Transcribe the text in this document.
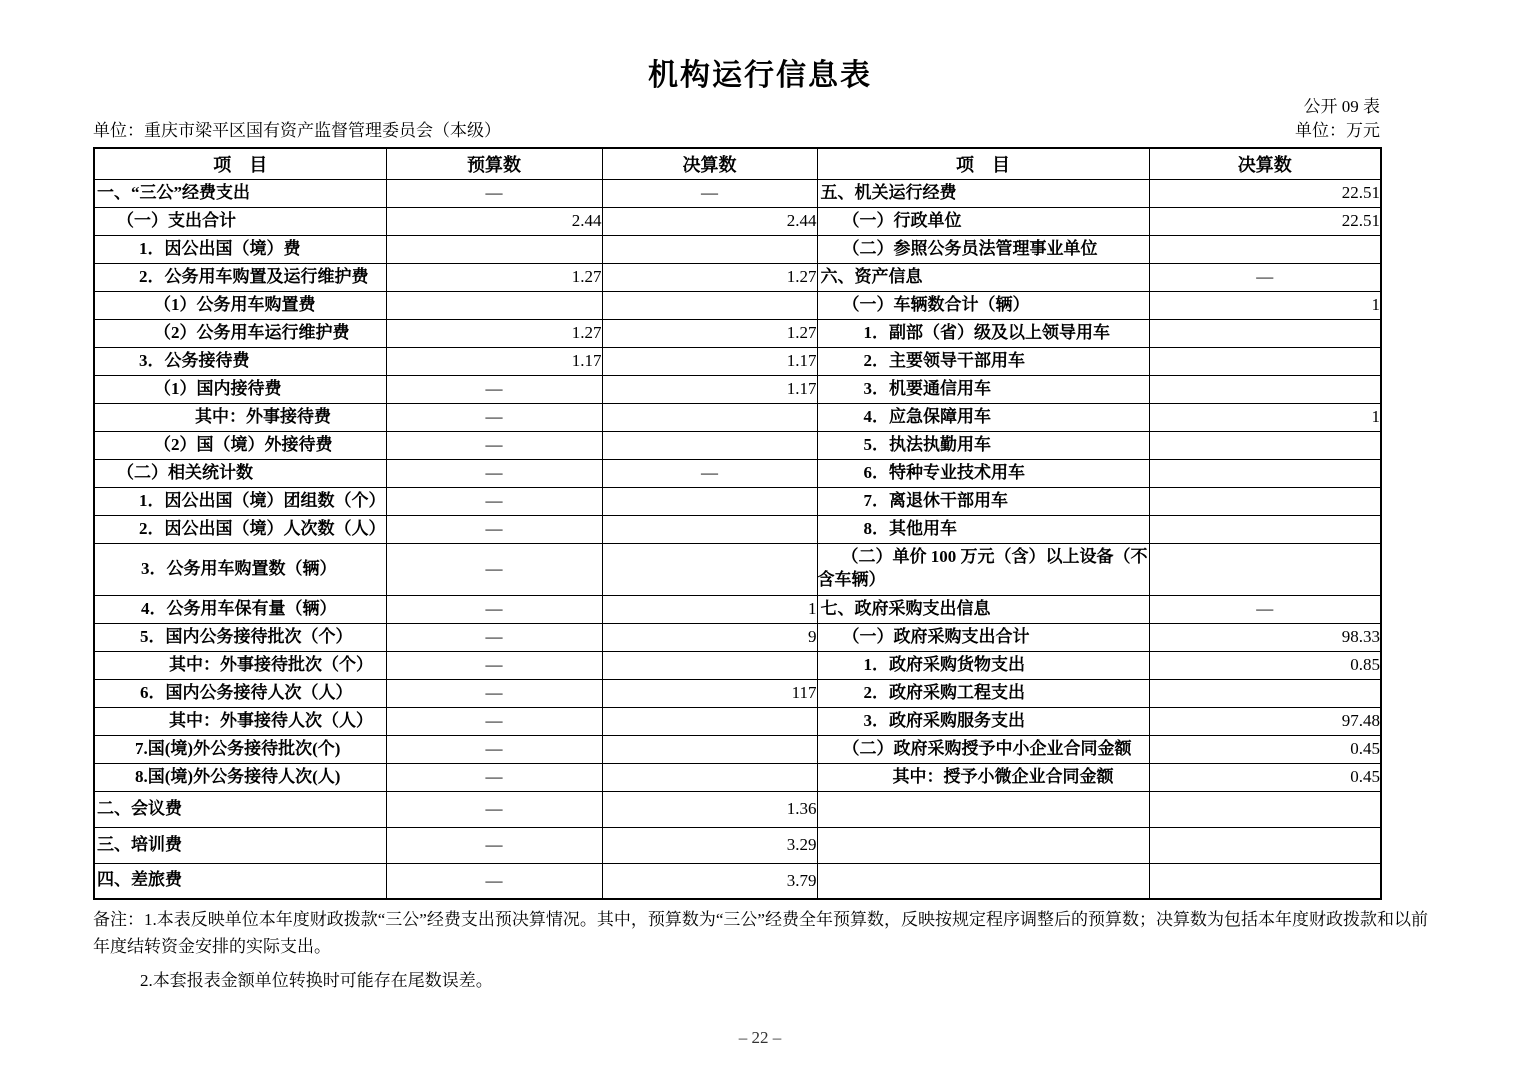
机构运行信息表
公开 09 表
单位：重庆市梁平区国有资产监督管理委员会（本级）	单位：万元
项　目	预算数	决算数	项　目	决算数
一、“三公”经费支出	—	—	五、机关运行经费	22.51
（一）支出合计	2.44	2.44	（一）行政单位	22.51
1．因公出国（境）费			（二）参照公务员法管理事业单位	
2．公务用车购置及运行维护费	1.27	1.27	六、资产信息	—
（1）公务用车购置费			（一）车辆数合计（辆）	1
（2）公务用车运行维护费	1.27	1.27	1．副部（省）级及以上领导用车	
3．公务接待费	1.17	1.17	2．主要领导干部用车	
（1）国内接待费	—	1.17	3．机要通信用车	
其中：外事接待费	—		4．应急保障用车	1
（2）国（境）外接待费	—		5．执法执勤用车	
（二）相关统计数	—	—	6．特种专业技术用车	
1．因公出国（境）团组数（个）	—		7．离退休干部用车	
2．因公出国（境）人次数（人）	—		8．其他用车	
3．公务用车购置数（辆）	—		（二）单价 100 万元（含）以上设备（不含车辆）	
4．公务用车保有量（辆）	—	1	七、政府采购支出信息	—
5．国内公务接待批次（个）	—	9	（一）政府采购支出合计	98.33
其中：外事接待批次（个）	—		1．政府采购货物支出	0.85
6．国内公务接待人次（人）	—	117	2．政府采购工程支出	
其中：外事接待人次（人）	—		3．政府采购服务支出	97.48
7.国(境)外公务接待批次(个)	—		（二）政府采购授予中小企业合同金额	0.45
8.国(境)外公务接待人次(人)	—		其中：授予小微企业合同金额	0.45
二、会议费	—	1.36		
三、培训费	—	3.29		
四、差旅费	—	3.79		

备注：1.本表反映单位本年度财政拨款“三公”经费支出预决算情况。其中，预算数为“三公”经费全年预算数，反映按规定程序调整后的预算数；决算数为包括本年度财政拨款和以前年度结转资金安排的实际支出。

2.本套报表金额单位转换时可能存在尾数误差。

– 22 –
